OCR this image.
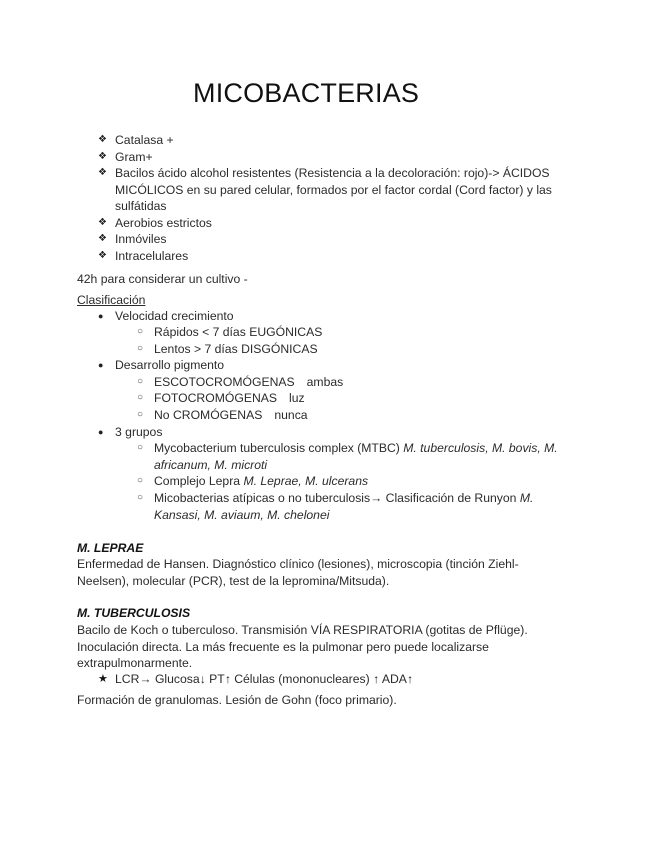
MICOBACTERIAS
❖ Catalasa +
❖ Gram+
❖ Bacilos ácido alcohol resistentes (Resistencia a la decoloración: rojo)-> ÁCIDOS MICÓLICOS en su pared celular, formados por el factor cordal (Cord factor) y las sulfátidas
❖ Aerobios estrictos
❖ Inmóviles
❖ Intracelulares
42h para considerar un cultivo -
Clasificación
● Velocidad crecimiento
○ Rápidos < 7 días EUGÓNICAS
○ Lentos > 7 días DISGÓNICAS
● Desarrollo pigmento
○ ESCOTOCROMÓGENAS ambas
○ FOTOCROMÓGENAS luz
○ No CROMÓGENAS nunca
● 3 grupos
○ Mycobacterium tuberculosis complex (MTBC) M. tuberculosis, M. bovis, M. africanum, M. microti
○ Complejo Lepra M. Leprae, M. ulcerans
○ Micobacterias atípicas o no tuberculosis→ Clasificación de Runyon M. Kansasi, M. aviaum, M. chelonei
M. LEPRAE
Enfermedad de Hansen. Diagnóstico clínico (lesiones), microscopia (tinción Ziehl-Neelsen), molecular (PCR), test de la lepromina/Mitsuda).
M. TUBERCULOSIS
Bacilo de Koch o tuberculoso. Transmisión VÍA RESPIRATORIA (gotitas de Pflüge). Inoculación directa. La más frecuente es la pulmonar pero puede localizarse extrapulmonarmente.
★ LCR→ Glucosa↓ PT↑ Células (mononucleares) ↑ ADA↑
Formación de granulomas. Lesión de Gohn (foco primario).
